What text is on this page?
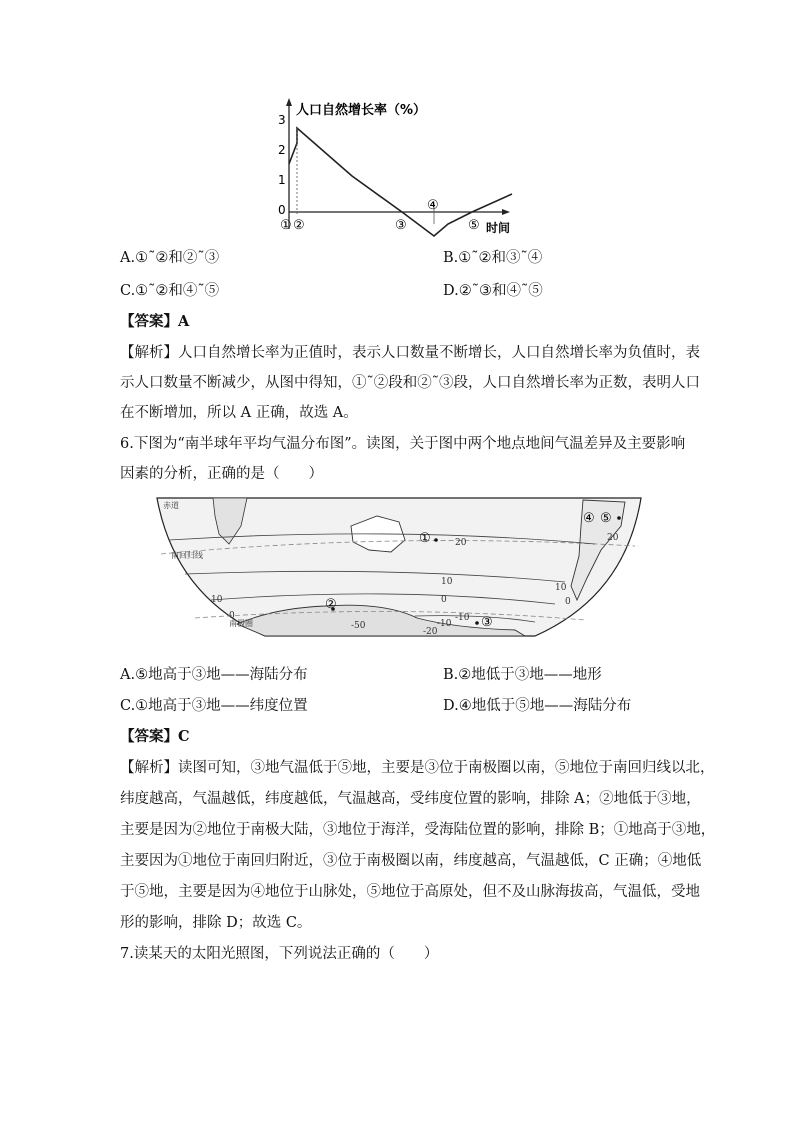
人口自然增长率（%）
时间
3
2
1
0
① ②	③
④
⑤
A.①˜②和②˜③	B.①˜②和③˜④
C.①˜②和④˜⑤	D.②˜③和④˜⑤
【答案】A
【解析】人口自然增长率为正值时，表示人口数量不断增长，人口自然增长率为负值时，表
示人口数量不断减少，从图中得知，①˜②段和②˜③段，人口自然增长率为正数，表明人口
在不断增加，所以 A 正确，故选 A。
6.下图为“南半球年平均气温分布图”。读图，关于图中两个地点地间气温差异及主要影响
因素的分析，正确的是（　　）
赤道
南回归线
南极圈
20
10
0
-10
-20
-50
20
10
0
10
0
-10
①
②
③
④ ⑤
A.⑤地高于③地——海陆分布	B.②地低于③地——地形
C.①地高于③地——纬度位置	D.④地低于⑤地——海陆分布
【答案】C
【解析】读图可知，③地气温低于⑤地，主要是③位于南极圈以南，⑤地位于南回归线以北，
纬度越高，气温越低，纬度越低，气温越高，受纬度位置的影响，排除 A；②地低于③地，
主要是因为②地位于南极大陆，③地位于海洋，受海陆位置的影响，排除 B；①地高于③地，
主要因为①地位于南回归附近，③位于南极圈以南，纬度越高，气温越低，C 正确；④地低
于⑤地，主要是因为④地位于山脉处，⑤地位于高原处，但不及山脉海拔高，气温低，受地
形的影响，排除 D；故选 C。
7.读某天的太阳光照图，下列说法正确的（　　）
